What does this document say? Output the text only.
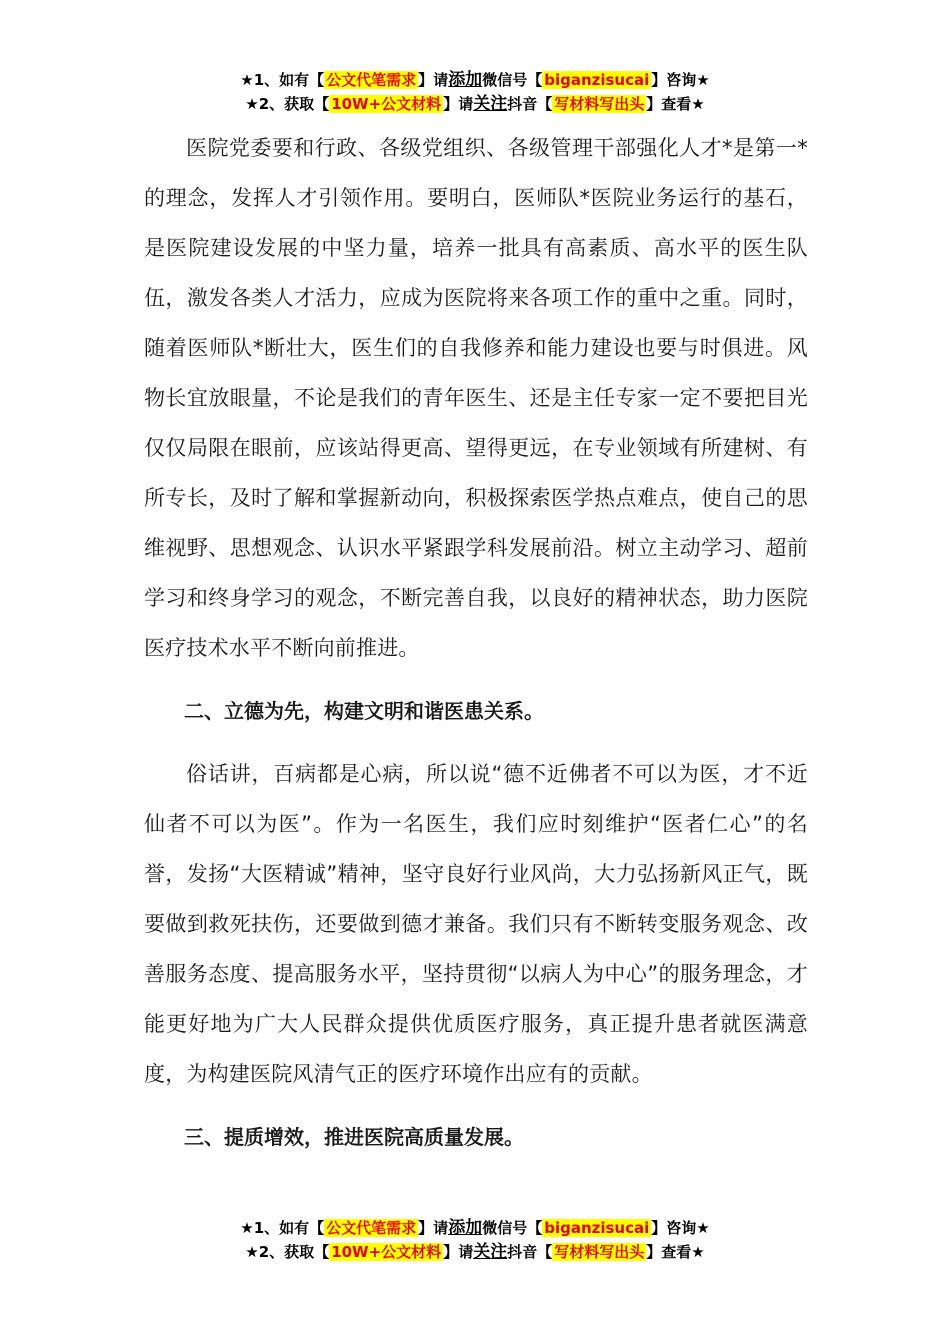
★1、如有【 公文代笔需求 】请添加微信号【 biganzisucai 】咨询★
★2、获取【 10W+公文材料 】请关注抖音【 写材料写出头 】查看★

医院党委要和行政、各级党组织、各级管理干部强化人才*是第一*的理念，发挥人才引领作用。要明白，医师队*医院业务运行的基石，是医院建设发展的中坚力量，培养一批具有高素质、高水平的医生队伍，激发各类人才活力，应成为医院将来各项工作的重中之重。同时，随着医师队*断壮大，医生们的自我修养和能力建设也要与时俱进。风物长宜放眼量，不论是我们的青年医生、还是主任专家一定不要把目光仅仅局限在眼前，应该站得更高、望得更远，在专业领域有所建树、有所专长，及时了解和掌握新动向，积极探索医学热点难点，使自己的思维视野、思想观念、认识水平紧跟学科发展前沿。树立主动学习、超前学习和终身学习的观念，不断完善自我，以良好的精神状态，助力医院医疗技术水平不断向前推进。

二、立德为先，构建文明和谐医患关系。

俗话讲，百病都是心病，所以说“德不近佛者不可以为医，才不近仙者不可以为医”。作为一名医生，我们应时刻维护“医者仁心”的名誉，发扬“大医精诚”精神，坚守良好行业风尚，大力弘扬新风正气，既要做到救死扶伤，还要做到德才兼备。我们只有不断转变服务观念、改善服务态度、提高服务水平，坚持贯彻“以病人为中心”的服务理念，才能更好地为广大人民群众提供优质医疗服务，真正提升患者就医满意度，为构建医院风清气正的医疗环境作出应有的贡献。

三、提质增效，推进医院高质量发展。

★1、如有【 公文代笔需求 】请添加微信号【 biganzisucai 】咨询★
★2、获取【 10W+公文材料 】请关注抖音【 写材料写出头 】查看★
